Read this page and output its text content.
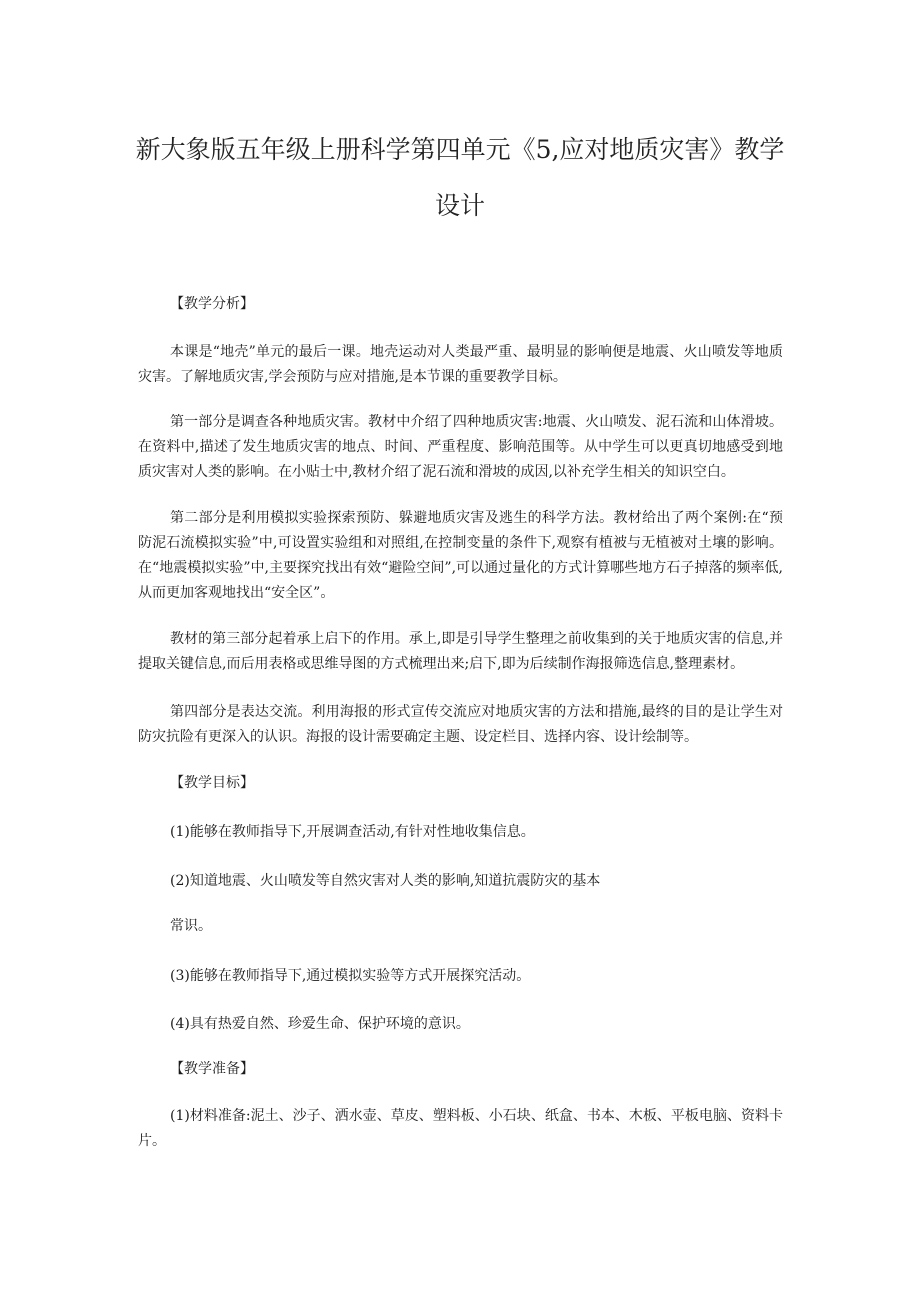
新大象版五年级上册科学第四单元《5,应对地质灾害》教学设计

【教学分析】

本课是“地壳”单元的最后一课。地壳运动对人类最严重、最明显的影响便是地震、火山喷发等地质灾害。了解地质灾害,学会预防与应对措施,是本节课的重要教学目标。

第一部分是调查各种地质灾害。教材中介绍了四种地质灾害:地震、火山喷发、泥石流和山体滑坡。在资料中,描述了发生地质灾害的地点、时间、严重程度、影响范围等。从中学生可以更真切地感受到地质灾害对人类的影响。在小贴士中,教材介绍了泥石流和滑坡的成因,以补充学生相关的知识空白。

第二部分是利用模拟实验探索预防、躲避地质灾害及逃生的科学方法。教材给出了两个案例:在“预防泥石流模拟实验”中,可设置实验组和对照组,在控制变量的条件下,观察有植被与无植被对土壤的影响。在“地震模拟实验”中,主要探究找出有效“避险空间”,可以通过量化的方式计算哪些地方石子掉落的频率低,从而更加客观地找出“安全区”。

教材的第三部分起着承上启下的作用。承上,即是引导学生整理之前收集到的关于地质灾害的信息,并提取关键信息,而后用表格或思维导图的方式梳理出来;启下,即为后续制作海报筛选信息,整理素材。

第四部分是表达交流。利用海报的形式宣传交流应对地质灾害的方法和措施,最终的目的是让学生对防灾抗险有更深入的认识。海报的设计需要确定主题、设定栏目、选择内容、设计绘制等。

【教学目标】

(1)能够在教师指导下,开展调查活动,有针对性地收集信息。

(2)知道地震、火山喷发等自然灾害对人类的影响,知道抗震防灾的基本

常识。

(3)能够在教师指导下,通过模拟实验等方式开展探究活动。

(4)具有热爱自然、珍爱生命、保护环境的意识。

【教学准备】

(1)材料准备:泥土、沙子、洒水壶、草皮、塑料板、小石块、纸盒、书本、木板、平板电脑、资料卡片。
